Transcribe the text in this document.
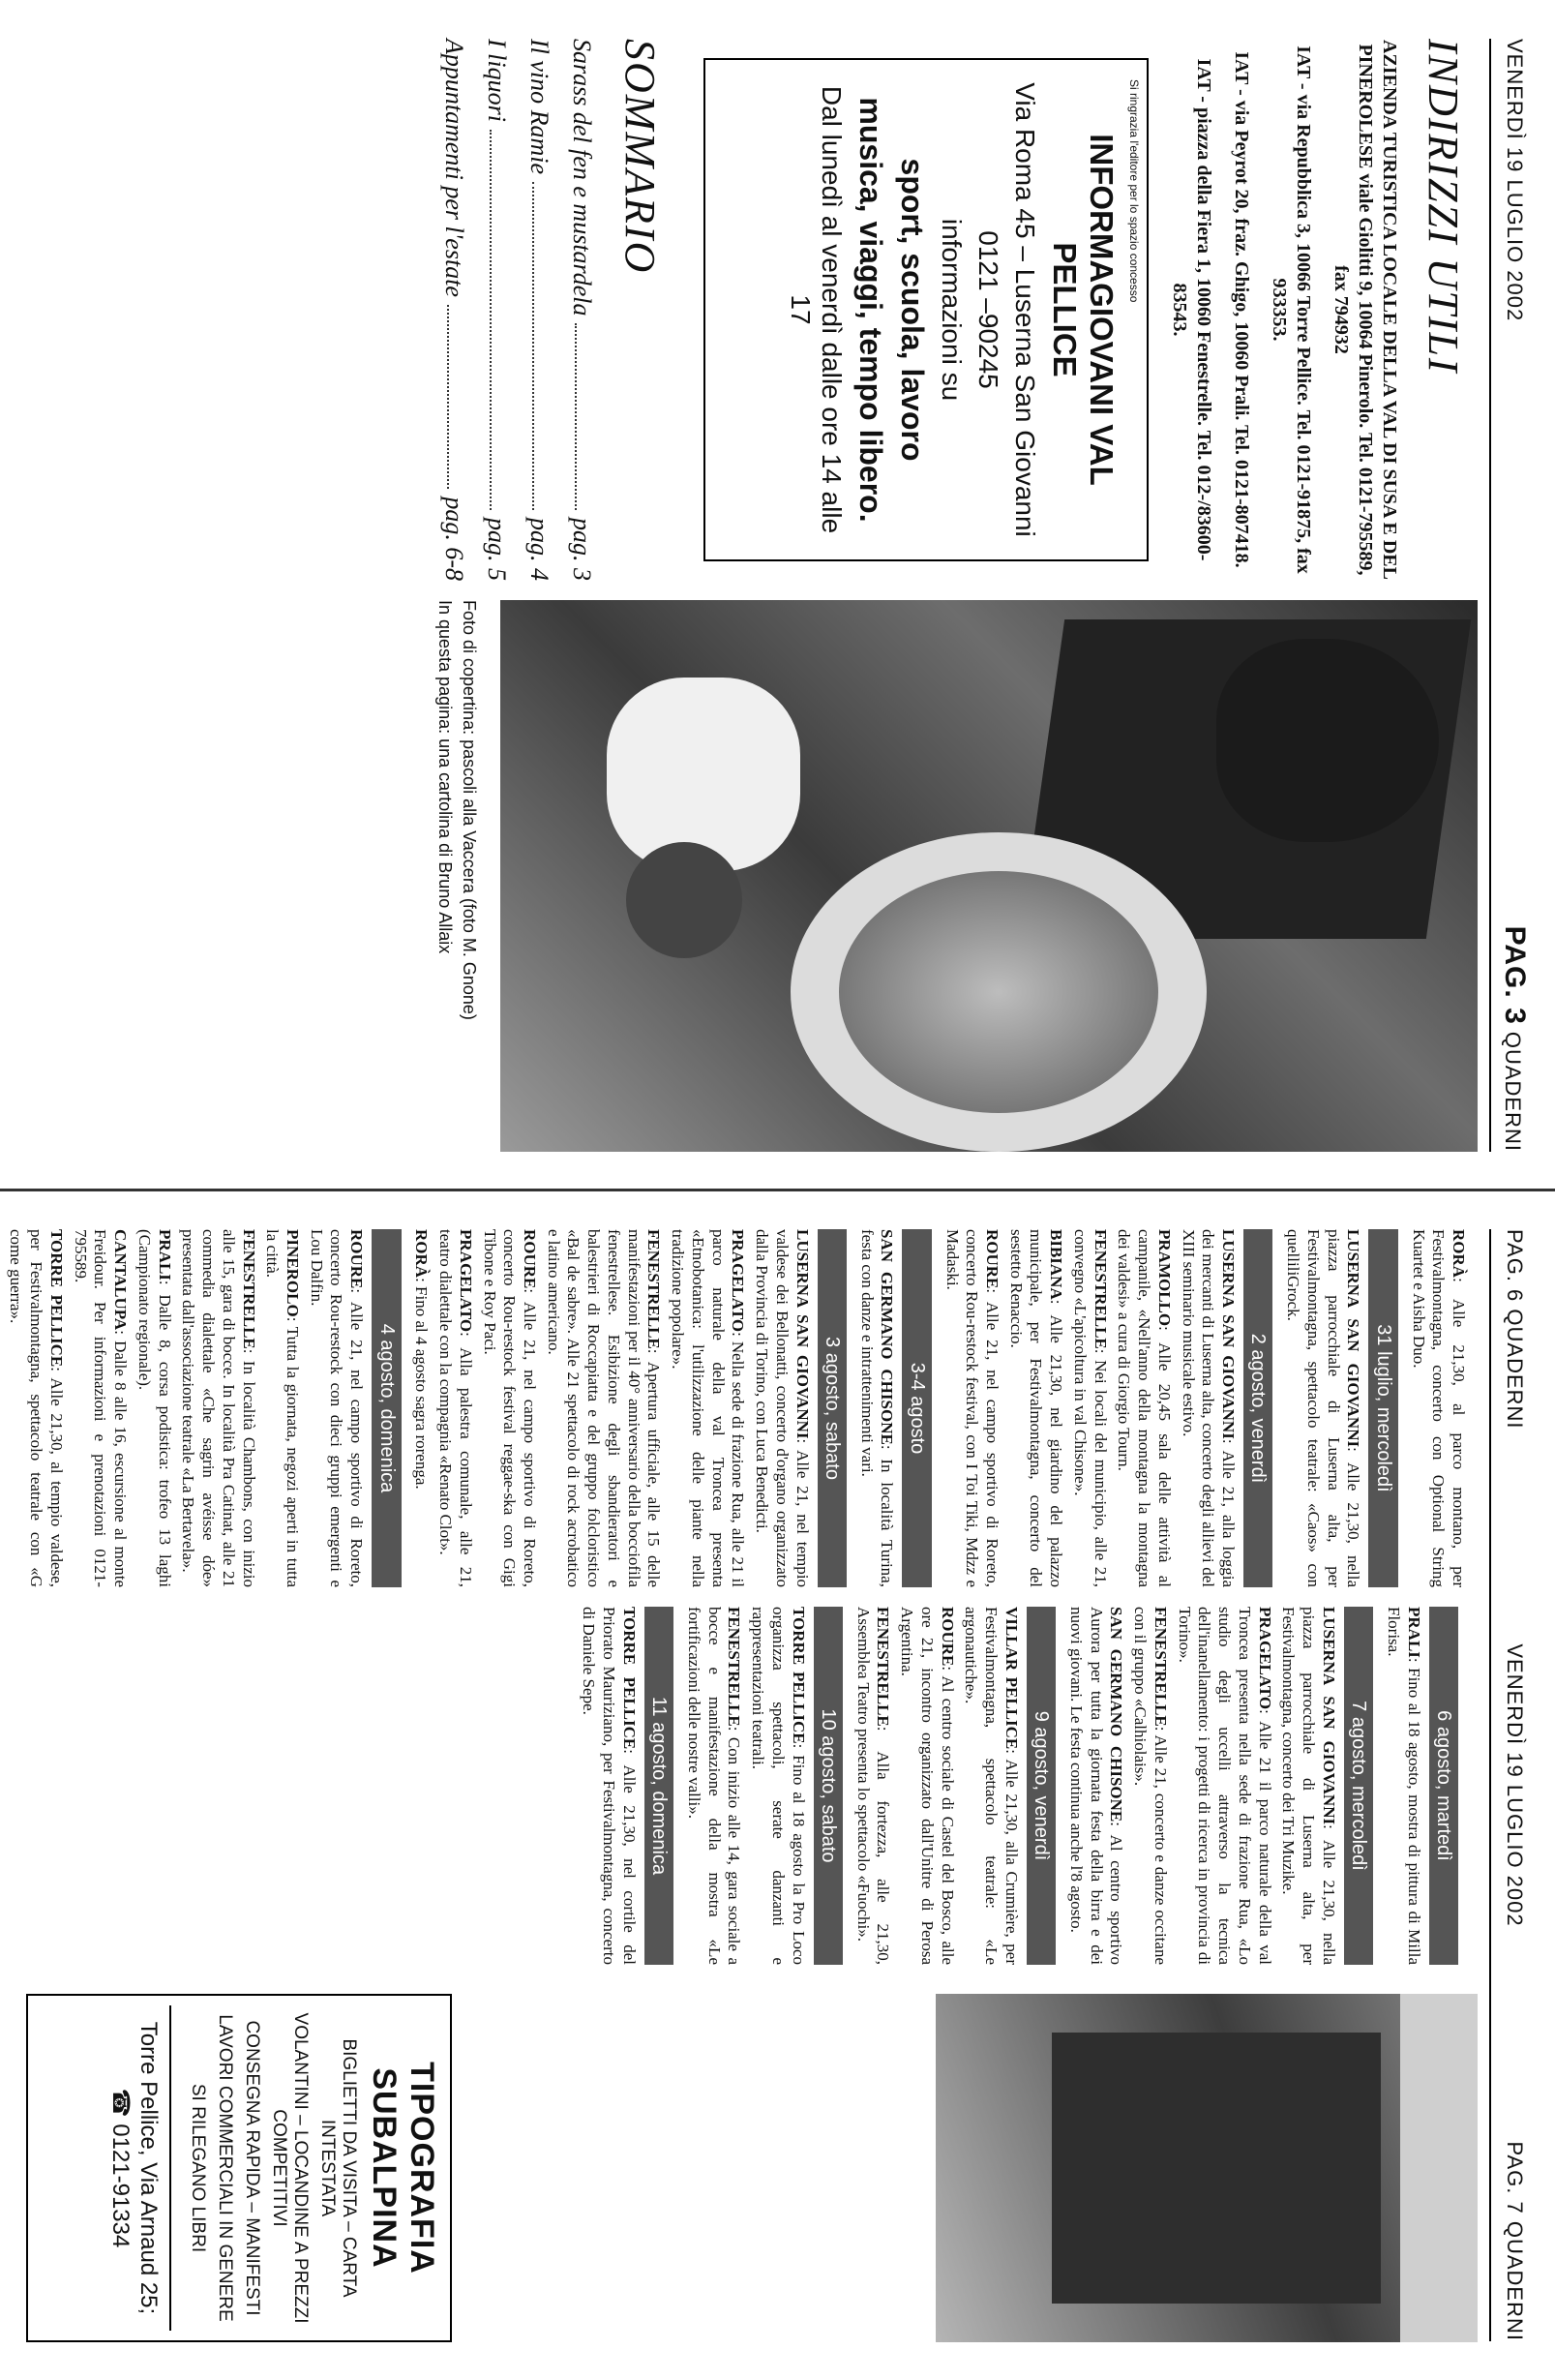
VENERDÌ 19 LUGLIO 2002
PAG. 3 QUADERNI
INDIRIZZI UTILI

AZIENDA TURISTICA LOCALE DELLA VAL DI SUSA E DEL PINEROLESE viale Giolitti 9, 10064 Pinerolo. Tel. 0121-795589, fax 794932

IAT - via Repubblica 3, 10066 Torre Pellice. Tel. 0121-91875, fax 933353.

IAT - via Peyrot 20, fraz. Ghigo, 10060 Prali. Tel. 0121-807418.

IAT - piazza della Fiera 1, 10060 Fenestrelle. Tel. 012-/83600-83543.

Si ringrazia l'editore per lo spazio concesso
INFORMAGIOVANI VAL PELLICE
Via Roma 45 – Luserna San Giovanni
0121 –90245
informazioni su
sport, scuola, lavoro
musica, viaggi, tempo libero.
Dal lunedì al venerdì dalle ore 14 alle 17
SOMMARIO
Sarass del fen e mustardela
pag. 3
Il vino Ramie
pag. 4
I liquori
pag. 5
Appuntamenti per l'estate
pag. 6-8
Foto di copertina: pascoli alla Vaccera (foto M. Gnone)
In questa pagina: una cartolina di Bruno Allaix
PAG. 6 QUADERNI
VENERDÌ 19 LUGLIO 2002
PAG. 7 QUADERNI

RORÀ: Alle 21,30, al parco montano, per Festivalmontagna, concerto con Optional String Kuartet e Aisha Duo.

31 luglio, mercoledì

LUSERNA SAN GIOVANNI: Alle 21,30, nella piazza parrocchiale di Luserna alta, per Festivalmontagna, spettacolo teatrale: «Caos» con quelliliGrock.

2 agosto, venerdì

LUSERNA SAN GIOVANNI: Alle 21, alla loggia dei mercanti di Luserna alta, concerto degli allievi del XIII seminario musicale estivo.

PRAMOLLO: Alle 20,45 sala delle attività al campanile, «Nell'anno della montagna la montagna dei valdesi» a cura di Giorgio Tourn.

FENESTRELLE: Nei locali del municipio, alle 21, convegno «L'apicoltura in val Chisone».

BIBIANA: Alle 21,30, nel giardino del palazzo municipale, per Festivalmontagna, concerto del sestetto Renaccio.

ROURE: Alle 21, nel campo sportivo di Roreto, concerto Rou-restock festival, con I Toi Tiki, Mdzz e Madaski.

3-4 agosto

SAN GERMANO CHISONE: In località Turina, festa con danze e intrattenimenti vari.

3 agosto, sabato

LUSERNA SAN GIOVANNI: Alle 21, nel tempio valdese dei Bellonatti, concerto d'organo organizzato dalla Provincia di Torino, con Luca Benedicti.

PRAGELATO: Nella sede di frazione Rua, alle 21 il parco naturale della val Troncea presenta «Etnobotanica: l'utilizzazione delle piante nella tradizione popolare».

FENESTRELLE: Apertura ufficiale, alle 15 delle manifestazioni per il 40° anniversario della bocciofila fenestrellese. Esibizione degli sbandieratori e balestrieri di Roccapiatta e del gruppo folcloristico «Bal de sabre». Alle 21 spettacolo di rock acrobatico e latino americano.

ROURE: Alle 21, nel campo sportivo di Roreto, concerto Rou-restock festival reggae-ska con Gigi Tibone e Roy Paci.

PRAGELATO: Alla palestra comunale, alle 21, teatro dialettale con la compagnia «Renato Clot».

RORÀ: Fino al 4 agosto sagra rorenga.

4 agosto, domenica

ROURE: Alle 21, nel campo sportivo di Roreto, concerto Rou-restock con dieci gruppi emergenti e Lou Dalfin.

PINEROLO: Tutta la giornata, negozi aperti in tutta la città.

FENESTRELLE: In località Chambons, con inizio alle 15, gara di bocce. In località Pra Catinat, alle 21 commedia dialettale «Che sagrin avéisse dóe» presentata dall'associazione teatrale «La Bertavela».

PRALI: Dalle 8, corsa podistica: trofeo 13 laghi (Campionato regionale).

CANTALUPA: Dalle 8 alle 16, escursione al monte Freidour. Per informazioni e prenotazioni 0121-795589.

TORRE PELLICE: Alle 21,30, al tempio valdese, per Festivalmontagna, spettacolo teatrale con «G come guerra».

6 agosto, martedì

PRALI: Fino al 18 agosto, mostra di pittura di Milla Florisa.

7 agosto, mercoledì

LUSERNA SAN GIOVANNI: Alle 21,30, nella piazza parrocchiale di Luserna alta, per Festivalmontagna, concerto dei Tri Muzike.

PRAGELATO: Alle 21 il parco naturale della val Troncea presenta nella sede di frazione Rua, «Lo studio degli uccelli attraverso la tecnica dell'inanellamento: i progetti di ricerca in provincia di Torino».

FENESTRELLE: Alle 21, concerto e danze occitane con il gruppo «Calhiolais».

SAN GERMANO CHISONE: Al centro sportivo Aurora per tutta la giornata festa della birra e dei nuovi giovani. Le festa continua anche l'8 agosto.

9 agosto, venerdì

VILLAR PELLICE: Alle 21,30, alla Crumière, per Festivalmontagna, spettacolo teatrale: «Le argonautiche».

ROURE: Al centro sociale di Castel del Bosco, alle ore 21, incontro organizzato dall'Unitre di Perosa Argentina.

FENESTRELLE: Alla fortezza, alle 21,30, Assemblea Teatro presenta lo spettacolo «Fuochi».

10 agosto, sabato

TORRE PELLICE: Fino al 18 agosto la Pro Loco organizza spettacoli, serate danzanti e rappresentazioni teatrali.

FENESTRELLE: Con inizio alle 14, gara sociale a bocce e manifestazione della mostra «Le fortificazioni delle nostre valli».

11 agosto, domenica

TORRE PELLICE: Alle 21,30, nel cortile del Priorato Mauriziano, per Festivalmontagna, concerto di Daniele Sepe.

TIPOGRAFIA SUBALPINA
BIGLIETTI DA VISITA – CARTA INTESTATA
VOLANTINI – LOCANDINE A PREZZI COMPETITIVI
CONSEGNA RAPIDA – MANIFESTI
LAVORI COMMERCIALI IN GENERE
SI RILEGANO LIBRI
Torre Pellice, Via Arnaud 25; ☎ 0121-91334
